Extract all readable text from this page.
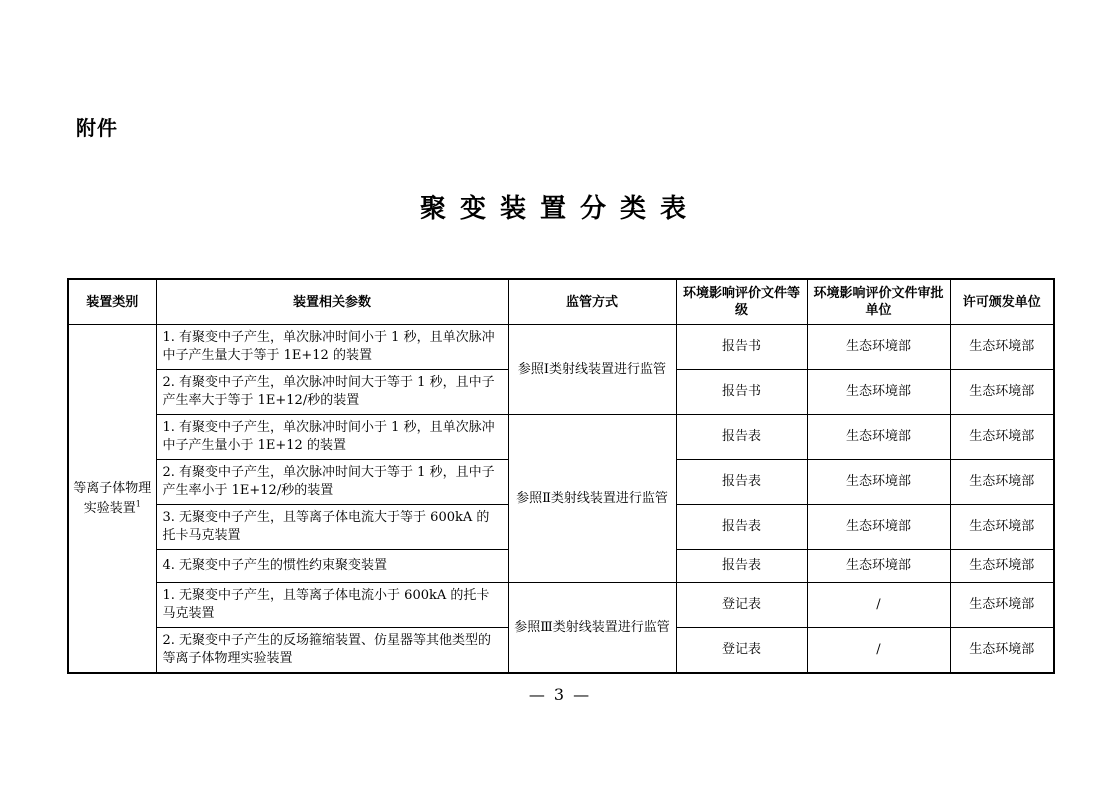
附件
聚变装置分类表
装置类别	装置相关参数	监管方式	环境影响评价文件等级	环境影响评价文件审批单位	许可颁发单位
等离子体物理实验装置$^1$	1. 有聚变中子产生，单次脉冲时间小于 1 秒，且单次脉冲中子产生量大于等于 1E+12 的装置	参照Ⅰ类射线装置进行监管	报告书	生态环境部	生态环境部
	2. 有聚变中子产生，单次脉冲时间大于等于 1 秒，且中子产生率大于等于 1E+12/秒的装置		报告书	生态环境部	生态环境部
	1. 有聚变中子产生，单次脉冲时间小于 1 秒，且单次脉冲中子产生量小于 1E+12 的装置	参照Ⅱ类射线装置进行监管	报告表	生态环境部	生态环境部
	2. 有聚变中子产生，单次脉冲时间大于等于 1 秒，且中子产生率小于 1E+12/秒的装置		报告表	生态环境部	生态环境部
	3. 无聚变中子产生，且等离子体电流大于等于 600kA 的托卡马克装置		报告表	生态环境部	生态环境部
	4. 无聚变中子产生的惯性约束聚变装置		报告表	生态环境部	生态环境部
	1. 无聚变中子产生，且等离子体电流小于 600kA 的托卡马克装置	参照Ⅲ类射线装置进行监管	登记表	/	生态环境部
	2. 无聚变中子产生的反场箍缩装置、仿星器等其他类型的等离子体物理实验装置		登记表	/	生态环境部
— 3 —
